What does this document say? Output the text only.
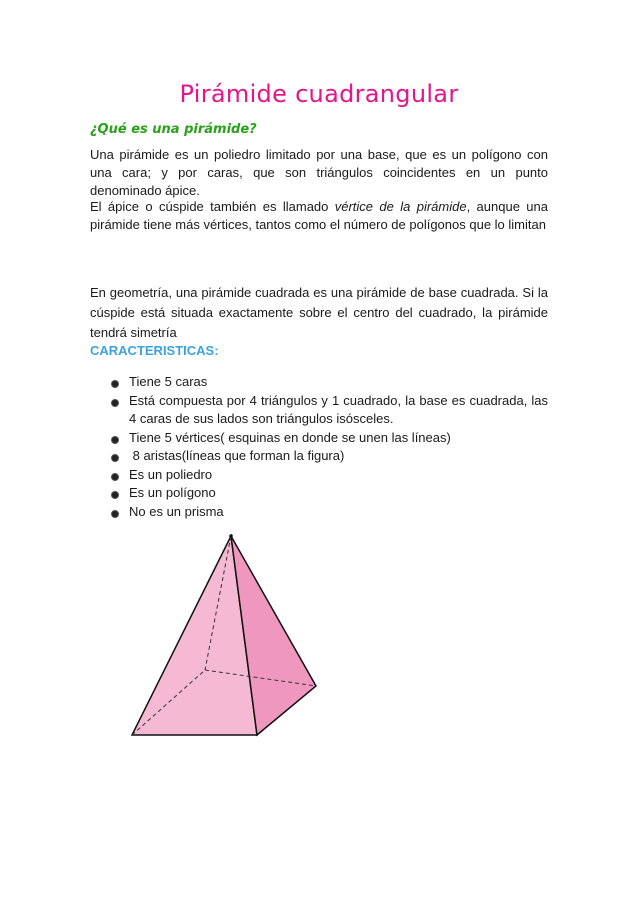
Pirámide cuadrangular
¿Qué es una pirámide?

Una pirámide es un poliedro limitado por una base, que es un polígono con una cara; y por caras, que son triángulos coincidentes en un punto denominado ápice.

El ápice o cúspide también es llamado vértice de la pirámide, aunque una pirámide tiene más vértices, tantos como el número de polígonos que lo limitan

En geometría, una pirámide cuadrada es una pirámide de base cuadrada. Si la cúspide está situada exactamente sobre el centro del cuadrado, la pirámide tendrá simetría

CARACTERISTICAS:
Tiene 5 caras
Está compuesta por 4 triángulos y 1 cuadrado, la base es cuadrada, las 4 caras de sus lados son triángulos isósceles.
Tiene 5 vértices( esquinas en donde se unen las líneas)
8 aristas(líneas que forman la figura)
Es un poliedro
Es un polígono
No es un prisma
